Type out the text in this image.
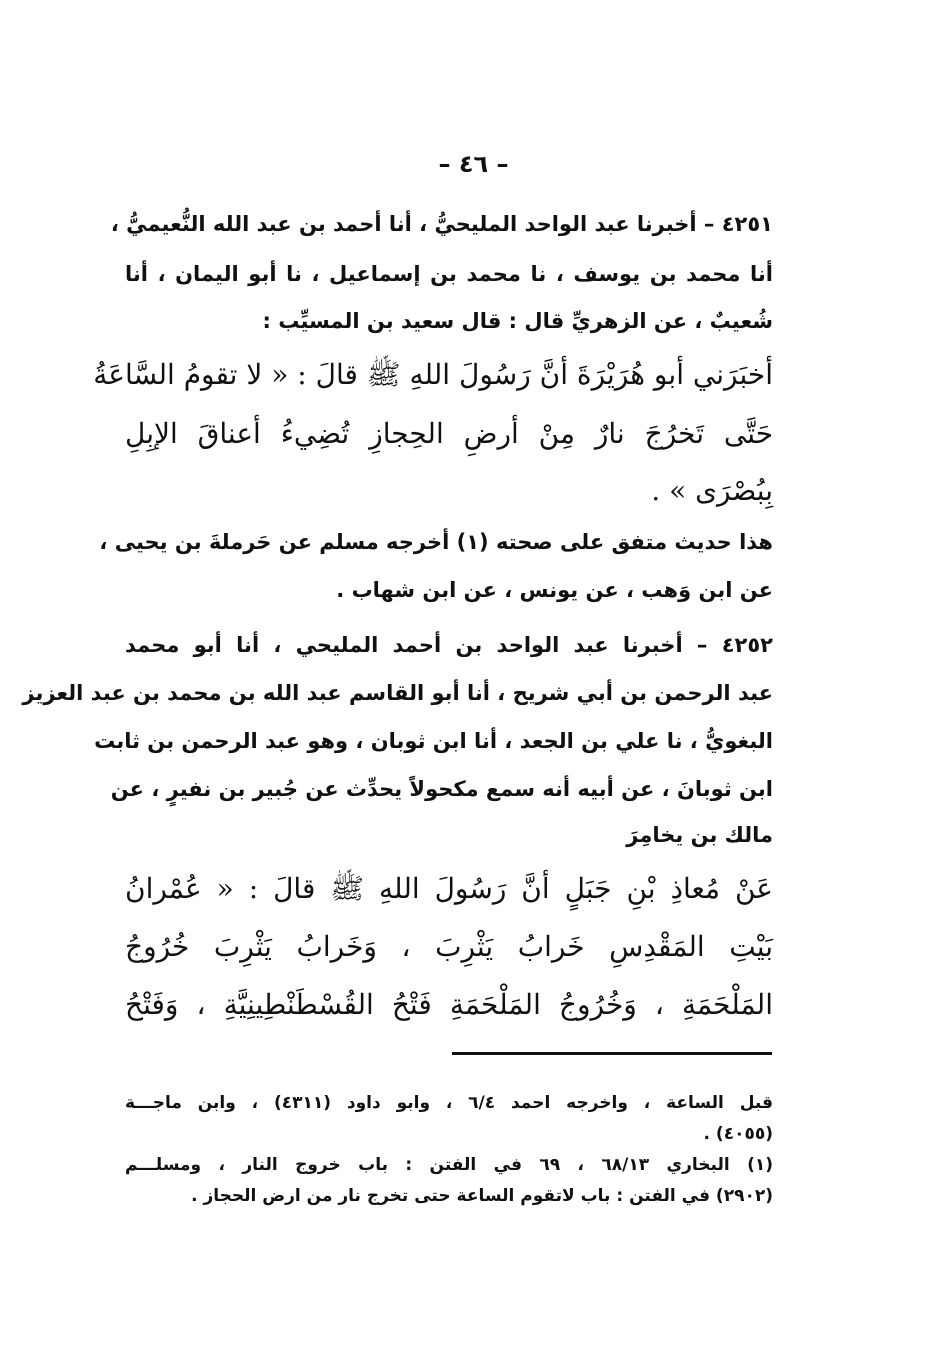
– ٤٦ –
٤٢٥١ – أخبرنا عبد الواحد المليحيُّ ، أنا أحمد بن عبد الله النُّعيميُّ ،
أنا محمد بن يوسف ، نا محمد بن إسماعيل ، نا أبو اليمان ، أنا
شُعيبٌ ، عن الزهريِّ قال : قال سعيد بن المسيِّب :
أخبَرَني أبو هُرَيْرَةَ أنَّ رَسُولَ اللهِ ﷺ قالَ : « لا تقومُ السَّاعَةُ
حَتَّى تَخرُجَ نارٌ مِنْ أرضِ الحِجازِ تُضِيءُ أعناقَ الإبِلِ
بِبُصْرَى » .
هذا حديث متفق على صحته (١) أخرجه مسلم عن حَرملةَ بن يحيى ،
عن ابن وَهب ، عن يونس ، عن ابن شهاب .
٤٢٥٢ – أخبرنا عبد الواحد بن أحمد المليحي ، أنا أبو محمد
عبد الرحمن بن أبي شريح ، أنا أبو القاسم عبد الله بن محمد بن عبد العزيز
البغويُّ ، نا علي بن الجعد ، أنا ابن ثوبان ، وهو عبد الرحمن بن ثابت
ابن ثوبانَ ، عن أبيه أنه سمع مكحولاً يحدِّث عن جُبير بن نفيرٍ ، عن
مالك بن يخامِرَ
عَنْ مُعاذِ بْنِ جَبَلٍ أنَّ رَسُولَ اللهِ ﷺ قالَ : « عُمْرانُ
بَيْتِ المَقْدِسِ خَرابُ يَثْرِبَ ، وَخَرابُ يَثْرِبَ خُرُوجُ
المَلْحَمَةِ ، وَخُرُوجُ المَلْحَمَةِ فَتْحُ القُسْطَنْطِينِيَّةِ ، وَفَتْحُ
قبل الساعة ، واخرجه احمد ٦/٤ ، وابو داود (٤٣١١) ، وابن ماجـــة
(٤٠٥٥) .
(١) البخاري ٦٨/١٣ ، ٦٩ في الفتن : باب خروج النار ، ومسلـــم
(٢٩٠٢) في الفتن : باب لاتقوم الساعة حتى تخرج نار من ارض الحجاز .
